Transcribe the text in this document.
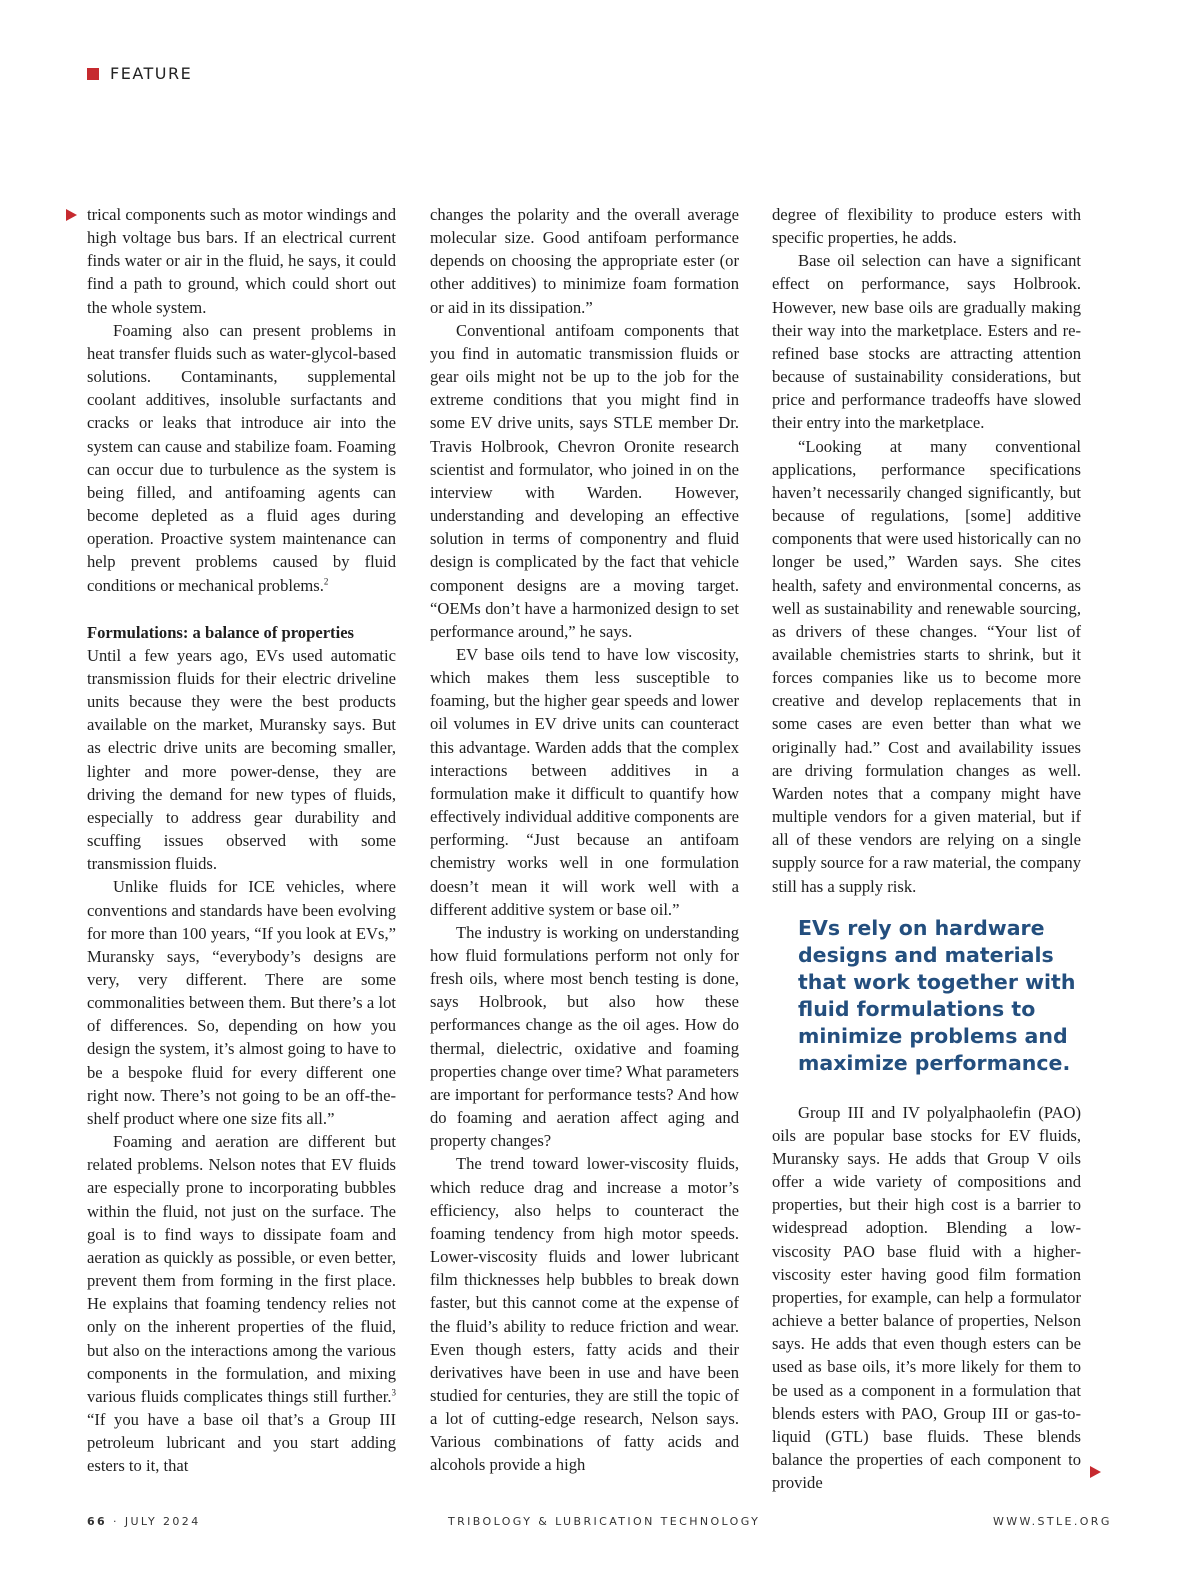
FEATURE

trical components such as motor windings and high voltage bus bars. If an electrical current finds water or air in the fluid, he says, it could find a path to ground, which could short out the whole system.

Foaming also can present problems in heat transfer fluids such as water-glycol-based solutions. Contaminants, supplemental coolant additives, insoluble surfactants and cracks or leaks that introduce air into the system can cause and stabilize foam. Foaming can occur due to turbulence as the system is being filled, and antifoaming agents can become depleted as a fluid ages during operation. Proactive system maintenance can help prevent problems caused by fluid conditions or mechanical problems.$^2$

Formulations: a balance of properties

Until a few years ago, EVs used automatic transmission fluids for their electric driveline units because they were the best products available on the market, Muransky says. But as electric drive units are becoming smaller, lighter and more power-dense, they are driving the demand for new types of fluids, especially to address gear durability and scuffing issues observed with some transmission fluids.

Unlike fluids for ICE vehicles, where conventions and standards have been evolving for more than 100 years, “If you look at EVs,” Muransky says, “everybody’s designs are very, very different. There are some commonalities between them. But there’s a lot of differences. So, depending on how you design the system, it’s almost going to have to be a bespoke fluid for every different one right now. There’s not going to be an off-the-shelf product where one size fits all.”

Foaming and aeration are different but related problems. Nelson notes that EV fluids are especially prone to incorporating bubbles within the fluid, not just on the surface. The goal is to find ways to dissipate foam and aeration as quickly as possible, or even better, prevent them from forming in the first place. He explains that foaming tendency relies not only on the inherent properties of the fluid, but also on the interactions among the various components in the formulation, and mixing various fluids complicates things still further.$^3$ “If you have a base oil that’s a Group III petroleum lubricant and you start adding esters to it, that

changes the polarity and the overall average molecular size. Good antifoam performance depends on choosing the appropriate ester (or other additives) to minimize foam formation or aid in its dissipation.”

Conventional antifoam components that you find in automatic transmission fluids or gear oils might not be up to the job for the extreme conditions that you might find in some EV drive units, says STLE member Dr. Travis Holbrook, Chevron Oronite research scientist and formulator, who joined in on the interview with Warden. However, understanding and developing an effective solution in terms of componentry and fluid design is complicated by the fact that vehicle component designs are a moving target. “OEMs don’t have a harmonized design to set performance around,” he says.

EV base oils tend to have low viscosity, which makes them less susceptible to foaming, but the higher gear speeds and lower oil volumes in EV drive units can counteract this advantage. Warden adds that the complex interactions between additives in a formulation make it difficult to quantify how effectively individual additive components are performing. “Just because an antifoam chemistry works well in one formulation doesn’t mean it will work well with a different additive system or base oil.”

The industry is working on understanding how fluid formulations perform not only for fresh oils, where most bench testing is done, says Holbrook, but also how these performances change as the oil ages. How do thermal, dielectric, oxidative and foaming properties change over time? What parameters are important for performance tests? And how do foaming and aeration affect aging and property changes?

The trend toward lower-viscosity fluids, which reduce drag and increase a motor’s efficiency, also helps to counteract the foaming tendency from high motor speeds. Lower-viscosity fluids and lower lubricant film thicknesses help bubbles to break down faster, but this cannot come at the expense of the fluid’s ability to reduce friction and wear. Even though esters, fatty acids and their derivatives have been in use and have been studied for centuries, they are still the topic of a lot of cutting-edge research, Nelson says. Various combinations of fatty acids and alcohols provide a high

degree of flexibility to produce esters with specific properties, he adds.

Base oil selection can have a significant effect on performance, says Holbrook. However, new base oils are gradually making their way into the marketplace. Esters and re-refined base stocks are attracting attention because of sustainability considerations, but price and performance tradeoffs have slowed their entry into the marketplace.

“Looking at many conventional applications, performance specifications haven’t necessarily changed significantly, but because of regulations, [some] additive components that were used historically can no longer be used,” Warden says. She cites health, safety and environmental concerns, as well as sustainability and renewable sourcing, as drivers of these changes. “Your list of available chemistries starts to shrink, but it forces companies like us to become more creative and develop replacements that in some cases are even better than what we originally had.” Cost and availability issues are driving formulation changes as well. Warden notes that a company might have multiple vendors for a given material, but if all of these vendors are relying on a single supply source for a raw material, the company still has a supply risk.

EVs rely on hardware designs and materials that work together with fluid formulations to minimize problems and maximize performance.

Group III and IV polyalphaolefin (PAO) oils are popular base stocks for EV fluids, Muransky says. He adds that Group V oils offer a wide variety of compositions and properties, but their high cost is a barrier to widespread adoption. Blending a low-viscosity PAO base fluid with a higher-viscosity ester having good film formation properties, for example, can help a formulator achieve a better balance of properties, Nelson says. He adds that even though esters can be used as base oils, it’s more likely for them to be used as a component in a formulation that blends esters with PAO, Group III or gas-to-liquid (GTL) base fluids. These blends balance the properties of each component to provide

66 · JULY 2024	TRIBOLOGY & LUBRICATION TECHNOLOGY	WWW.STLE.ORG
